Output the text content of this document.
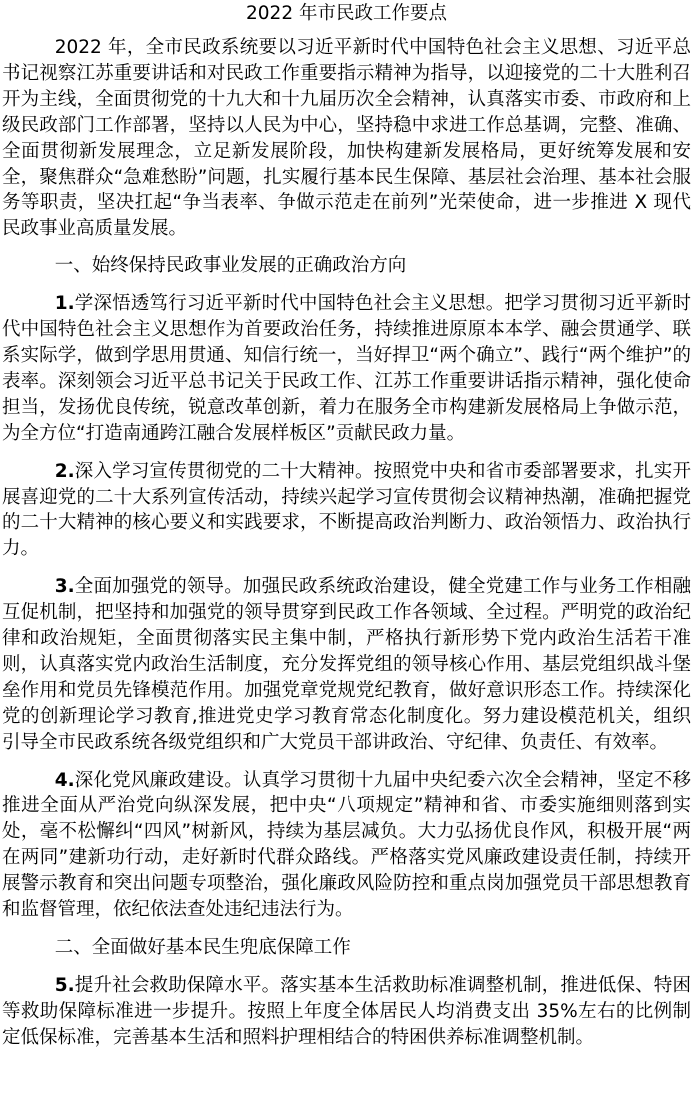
2022 年市民政工作要点

2022 年，全市民政系统要以习近平新时代中国特色社会主义思想、习近平总书记视察江苏重要讲话和对民政工作重要指示精神为指导，以迎接党的二十大胜利召开为主线，全面贯彻党的十九大和十九届历次全会精神，认真落实市委、市政府和上级民政部门工作部署，坚持以人民为中心，坚持稳中求进工作总基调，完整、准确、全面贯彻新发展理念，立足新发展阶段，加快构建新发展格局，更好统筹发展和安全，聚焦群众“急难愁盼”问题，扎实履行基本民生保障、基层社会治理、基本社会服务等职责，坚决扛起“争当表率、争做示范走在前列”光荣使命，进一步推进 X 现代民政事业高质量发展。

一、始终保持民政事业发展的正确政治方向

1.学深悟透笃行习近平新时代中国特色社会主义思想。把学习贯彻习近平新时代中国特色社会主义思想作为首要政治任务，持续推进原原本本学、融会贯通学、联系实际学，做到学思用贯通、知信行统一，当好捍卫“两个确立”、践行“两个维护”的表率。深刻领会习近平总书记关于民政工作、江苏工作重要讲话指示精神，强化使命担当，发扬优良传统，锐意改革创新，着力在服务全市构建新发展格局上争做示范，为全方位“打造南通跨江融合发展样板区”贡献民政力量。

2.深入学习宣传贯彻党的二十大精神。按照党中央和省市委部署要求，扎实开展喜迎党的二十大系列宣传活动，持续兴起学习宣传贯彻会议精神热潮，准确把握党的二十大精神的核心要义和实践要求，不断提高政治判断力、政治领悟力、政治执行力。

3.全面加强党的领导。加强民政系统政治建设，健全党建工作与业务工作相融互促机制，把坚持和加强党的领导贯穿到民政工作各领域、全过程。严明党的政治纪律和政治规矩，全面贯彻落实民主集中制，严格执行新形势下党内政治生活若干准则，认真落实党内政治生活制度，充分发挥党组的领导核心作用、基层党组织战斗堡垒作用和党员先锋模范作用。加强党章党规党纪教育，做好意识形态工作。持续深化党的创新理论学习教育,推进党史学习教育常态化制度化。努力建设模范机关，组织引导全市民政系统各级党组织和广大党员干部讲政治、守纪律、负责任、有效率。

4.深化党风廉政建设。认真学习贯彻十九届中央纪委六次全会精神，坚定不移推进全面从严治党向纵深发展，把中央“八项规定”精神和省、市委实施细则落到实处，毫不松懈纠“四风”树新风，持续为基层减负。大力弘扬优良作风，积极开展“两在两同”建新功行动，走好新时代群众路线。严格落实党风廉政建设责任制，持续开展警示教育和突出问题专项整治，强化廉政风险防控和重点岗加强党员干部思想教育和监督管理，依纪依法查处违纪违法行为。

二、全面做好基本民生兜底保障工作

5.提升社会救助保障水平。落实基本生活救助标准调整机制，推进低保、特困等救助保障标准进一步提升。按照上年度全体居民人均消费支出 35%左右的比例制定低保标准，完善基本生活和照料护理相结合的特困供养标准调整机制。
